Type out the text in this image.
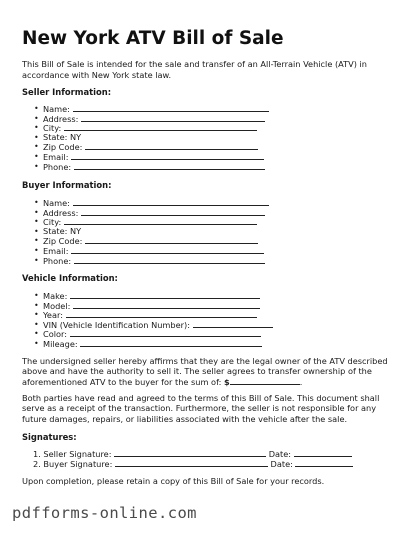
New York ATV Bill of Sale
This Bill of Sale is intended for the sale and transfer of an All-Terrain Vehicle (ATV) in accordance with New York state law.
Seller Information:
• Name:
• Address:
• City:
• State: NY
• Zip Code:
• Email:
• Phone:
Buyer Information:
• Name:
• Address:
• City:
• State: NY
• Zip Code:
• Email:
• Phone:
Vehicle Information:
• Make:
• Model:
• Year:
• VIN (Vehicle Identification Number):
• Color:
• Mileage:
The undersigned seller hereby affirms that they are the legal owner of the ATV described above and have the authority to sell it. The seller agrees to transfer ownership of the aforementioned ATV to the buyer for the sum of: $	.
Both parties have read and agreed to the terms of this Bill of Sale. This document shall serve as a receipt of the transaction. Furthermore, the seller is not responsible for any future damages, repairs, or liabilities associated with the vehicle after the sale.
Signatures:
1. Seller Signature:	Date:
2. Buyer Signature:	Date:
Upon completion, please retain a copy of this Bill of Sale for your records.
pdfforms-online.com
